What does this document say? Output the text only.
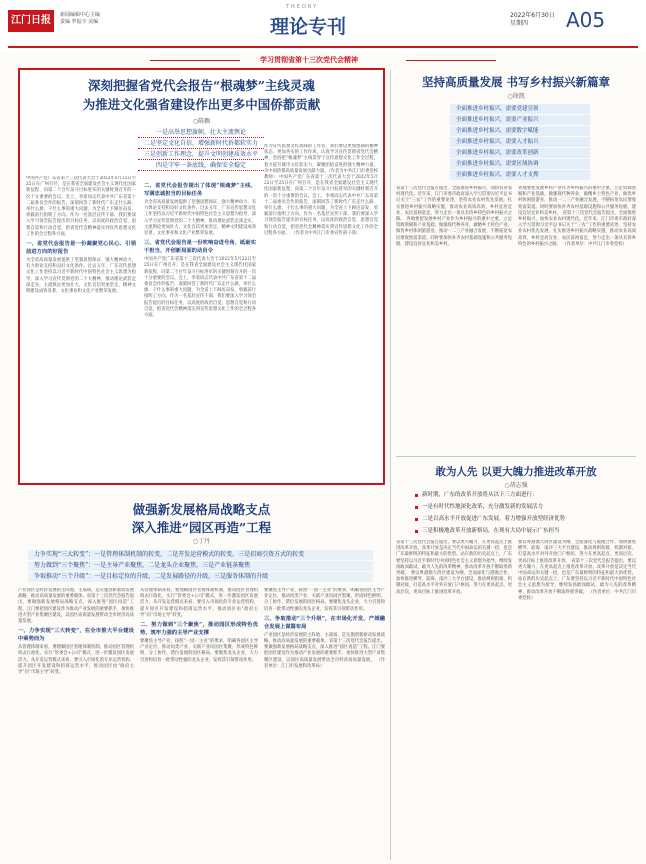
江门日报	新闻编辑中心主编
责编 罗振宇 美编
THEORY
理论专刊
2022年6月30日
星期四	A05
学习贯彻省第十三次党代会精神
深刻把握省党代会报告“根魂梦”主线灵魂
为推进文化强省建设作出更多中国侨都贡献
○陈飘
一是高举思想旗帜，壮大主流舆论
二是坚定文化自信，增强新时代侨都软实力
三是创新工作理念，提升文明创建质效水平
四是守牢一条底线，确保安全稳定
中国共产党广东省第十三次代表大会于2022年5月22日至25日在广州召开，是在我省全面建设社会主义现代化国家新征程、向第二个百年奋斗目标进军的关键时刻召开的一次十分重要的会议。会上，李希同志代表中共广东省第十二届委员会作的报告，深刻回答了新时代广东走什么路、举什么旗、干什么事的重大问题，为全省上下踔厉奋发、勇毅前行指明了方向。作为一名基层宣传干部，我们要深入学习领会报告提出的目标任务，以高度的政治自觉、思想自觉和行动自觉，把省党代会精神落实到宣传思想文化工作的全过程各方面。
一、省党代会报告是一份凝聚党心民心、引领前进方向的好报告
为全省高质量发展提供了坚强思想保证、强大精神动力、有力舆论支持和良好文化条件。过去五年，广东宣传思想文化工作坚持以习近平新时代中国特色社会主义思想为指导，深入学习宣传贯彻党的二十大精神，推动理论武装走深走实，主流舆论更加壮大，文化自信更加坚定，精神文明建设成效显著，文化事业和文化产业繁荣发展。
二、省党代会报告提出了体现“根魂梦”主线、写满忠诚担当的目标任务
为全省高质量发展提供了坚强思想保证、强大精神动力、有力舆论支持和良好文化条件。过去五年，广东宣传思想文化工作坚持以习近平新时代中国特色社会主义思想为指导，深入学习宣传贯彻党的二十大精神，推动理论武装走深走实，主流舆论更加壮大，文化自信更加坚定，精神文明建设成效显著，文化事业和文化产业繁荣发展。
三、省党代会报告是一份吹响奋进号角、砥砺实干担当、开创新局面的动员令
中国共产党广东省第十三次代表大会于2022年5月22日至25日在广州召开，是在我省全面建设社会主义现代化国家新征程、向第二个百年奋斗目标进军的关键时刻召开的一次十分重要的会议。会上，李希同志代表中共广东省第十二届委员会作的报告，深刻回答了新时代广东走什么路、举什么旗、干什么事的重大问题，为全省上下踔厉奋发、勇毅前行指明了方向。作为一名基层宣传干部，我们要深入学习领会报告提出的目标任务，以高度的政治自觉、思想自觉和行动自觉，把省党代会精神落实到宣传思想文化工作的全过程各方面。
作为宣传思想文化战线的工作者，我们要以更加饱满的精神状态、更加务实的工作作风，认真学习宣传贯彻省党代会精神，坚持把“根魂梦”主线贯穿于宣传思想文化工作全过程，着力提升城市文化软实力，凝聚团结奋进的强大精神力量，为中国侨都高质量发展贡献力量。（作者为中共江门市委党校教师） 中国共产党广东省第十三次代表大会于2022年5月22日至25日在广州召开，是在我省全面建设社会主义现代化国家新征程、向第二个百年奋斗目标进军的关键时刻召开的一次十分重要的会议。会上，李希同志代表中共广东省第十二届委员会作的报告，深刻回答了新时代广东走什么路、举什么旗、干什么事的重大问题，为全省上下踔厉奋发、勇毅前行指明了方向。作为一名基层宣传干部，我们要深入学习领会报告提出的目标任务，以高度的政治自觉、思想自觉和行动自觉，把省党代会精神落实到宣传思想文化工作的全过程各方面。 （作者为中共江门市委宣传部干部）
坚持高质量发展 书写乡村振兴新篇章
○徐凯
全面推进乡村振兴，需要党建引领
全面推进乡村振兴，需要产业振兴
全面推进乡村振兴，需要数字赋能
全面推进乡村振兴，需要人才振兴
全面推进乡村振兴，需要改革创新
全面推进乡村振兴，需要区域协调
全面推进乡村振兴，需要人才支撑
省第十三次党代会报告提出，全面推进乡村振兴，加快农业农村现代化。近年来，江门市委市政府深入学习贯彻习近平总书记关于“三农”工作的重要论述，坚持农业农村优先发展，扎实推进乡村振兴战略实施，推动农业高质高效、乡村宜居宜业、农民富裕富足，努力走出一条具有侨乡特色的乡村振兴之路。 各地要把发展乡村产业作为乡村振兴的重中之重，立足资源禀赋和产业基础，做强现代种养业，做精乡土特色产业，做优乡村休闲旅游业，推动一二三产业融合发展，不断拓宽农民增收致富渠道。同时要加快补齐农村基础设施和公共服务短板，建设宜居宜业和美乡村。
各地要把发展乡村产业作为乡村振兴的重中之重，立足资源禀赋和产业基础，做强现代种养业，做精乡土特色产业，做优乡村休闲旅游业，推动一二三产业融合发展，不断拓宽农民增收致富渠道。同时要加快补齐农村基础设施和公共服务短板，建设宜居宜业和美乡村。 省第十三次党代会报告提出，全面推进乡村振兴，加快农业农村现代化。近年来，江门市委市政府深入学习贯彻习近平总书记关于“三农”工作的重要论述，坚持农业农村优先发展，扎实推进乡村振兴战略实施，推动农业高质高效、乡村宜居宜业、农民富裕富足，努力走出一条具有侨乡特色的乡村振兴之路。 （作者单位：中共江门市委党校）
敢为人先 以更大魄力推进改革开放
○胡志强
新时期，广东的改革开放将从以下三方面进行：
一是有时代性地深化改革，充分激发新的发展活力
二是以高水平开放促进广东发展，着力增强开放型经济优势
三是积极地改革开放新格局，在现有大局中展示广东担当
省第十三次党代会报告提出，要以更大魄力、在更高起点上推进改革开放。改革开放是决定当代中国命运的关键一招，也是广东最鲜明的特征和最大的优势。站在新的历史起点上，广东要坚持以习近平新时代中国特色社会主义思想为指导，继续发扬敢闯敢试、敢为人先的改革精神，推动改革开放不断取得新突破。 要以粤港澳大湾区建设为纲，全面深化与港澳合作，加快推进横琴、前海、南沙三大平台建设，推动规则衔接、机制对接，打造高水平对外开放门户枢纽，努力在更高起点、更高层次、更高目标上推进改革开放。
要以粤港澳大湾区建设为纲，全面深化与港澳合作，加快推进横琴、前海、南沙三大平台建设，推动规则衔接、机制对接，打造高水平对外开放门户枢纽，努力在更高起点、更高层次、更高目标上推进改革开放。 省第十三次党代会报告提出，要以更大魄力、在更高起点上推进改革开放。改革开放是决定当代中国命运的关键一招，也是广东最鲜明的特征和最大的优势。站在新的历史起点上，广东要坚持以习近平新时代中国特色社会主义思想为指导，继续发扬敢闯敢试、敢为人先的改革精神，推动改革开放不断取得新突破。 （作者单位：中共江门市委党校）
做强新发展格局战略支点
深入推进“园区再造”工程
○丁丹
力争实现“三大转变”：一是管理体制机制的转变，二是开发运营模式的转变，三是招商引资方式的转变
努力做到“三个聚焦”：一是主导产业聚焦，二是龙头企业聚焦，三是产业链条聚焦
争取推动“三个升级”：一是目标定位的升级，二是发展路径的升级，三是服务体制的升级
产业园区是经济发展的主阵地、主战场，是实施创新驱动发展战略、推动高质量发展的重要载体。省第十三次党代会报告提出，要做强新发展格局战略支点，深入推进“园区再造”工程。江门要把园区建设作为推动产业发展的重要抓手，加快推进大型产业集聚区建设，以园区高质量发展带动全市经济高质量发展。
一、力争实现“三大转变”，在全市推大平台建设中乘势而为
从管理体制来看，要理顺园区管理体制机制，推动园区管理机构去行政化，实行“管委会+公司”模式，进一步激发园区发展活力。从开发运营模式来看，要引入市场化的专业运营机构，提升园区开发建设和招商运营水平，推动园区由“政府主导”向“市场主导”转变。
从管理体制来看，要理顺园区管理体制机制，推动园区管理机构去行政化，实行“管委会+公司”模式，进一步激发园区发展活力。从开发运营模式来看，要引入市场化的专业运营机构，提升园区开发建设和招商运营水平，推动园区由“政府主导”向“市场主导”转变。
二、努力做到“三个聚焦”，推动园区形成特色优势，筑牢力强的主导产业支撑
要聚焦主导产业，按照“一园一主业”的要求，明确各园区主导产业定位，推动同类产业、关联产业向园区集聚，形成特色鲜明、分工协作、错位发展的园区格局。要聚焦龙头企业，大力引进和培育一批带动性强的龙头企业，发挥其引领带动作用。
要聚焦主导产业，按照“一园一主业”的要求，明确各园区主导产业定位，推动同类产业、关联产业向园区集聚，形成特色鲜明、分工协作、错位发展的园区格局。要聚焦龙头企业，大力引进和培育一批带动性强的龙头企业，发挥其引领带动作用。
三、争取推动“三个升级”，在市场化开发、产城融合发展上谋篇布局
产业园区是经济发展的主阵地、主战场，是实施创新驱动发展战略、推动高质量发展的重要载体。省第十三次党代会报告提出，要做强新发展格局战略支点，深入推进“园区再造”工程。江门要把园区建设作为推动产业发展的重要抓手，加快推进大型产业集聚区建设，以园区高质量发展带动全市经济高质量发展。 （作者单位：江门市发展和改革局）
